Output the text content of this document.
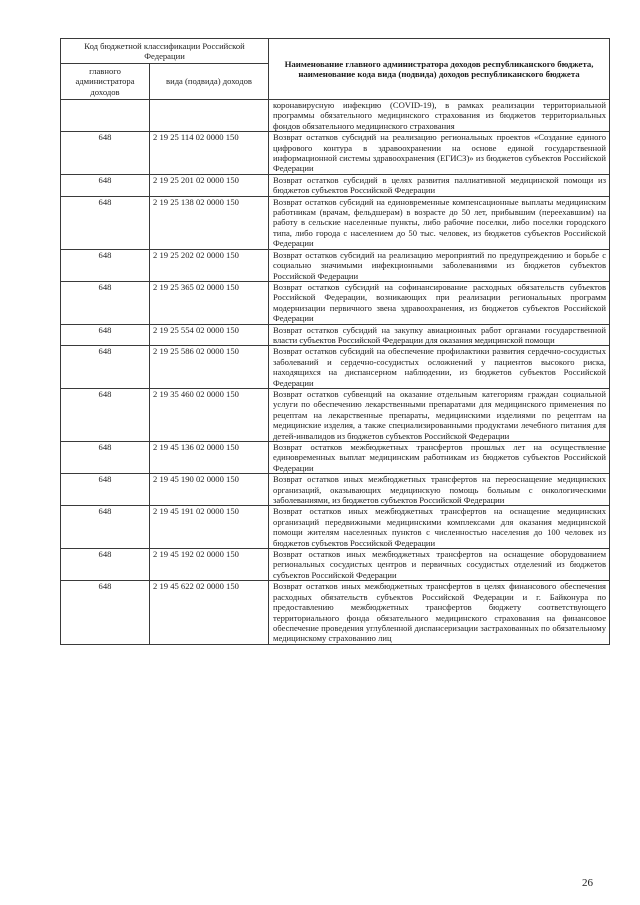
Код бюджетной классификации Российской Федерации		Наименование главного администратора доходов республиканского бюджета, наименование кода вида (подвида) доходов республиканского бюджета
главного администратора доходов	вида (подвида) доходов	
		коронавирусную инфекцию (COVID-19), в рамках реализации территориальной программы обязательного медицинского страхования из бюджетов территориальных фондов обязательного медицинского страхования
648	2 19 25 114 02 0000 150	Возврат остатков субсидий на реализацию региональных проектов «Создание единого цифрового контура в здравоохранении на основе единой государственной информационной системы здравоохранения (ЕГИСЗ)» из бюджетов субъектов Российской Федерации
648	2 19 25 201 02 0000 150	Возврат остатков субсидий в целях развития паллиативной медицинской помощи из бюджетов субъектов Российской Федерации
648	2 19 25 138 02 0000 150	Возврат остатков субсидий на единовременные компенсационные выплаты медицинским работникам (врачам, фельдшерам) в возрасте до 50 лет, прибывшим (переехавшим) на работу в сельские населенные пункты, либо рабочие поселки, либо поселки городского типа, либо города с населением до 50 тыс. человек, из бюджетов субъектов Российской Федерации
648	2 19 25 202 02 0000 150	Возврат остатков субсидий на реализацию мероприятий по предупреждению и борьбе с социально значимыми инфекционными заболеваниями из бюджетов субъектов Российской Федерации
648	2 19 25 365 02 0000 150	Возврат остатков субсидий на софинансирование расходных обязательств субъектов Российской Федерации, возникающих при реализации региональных программ модернизации первичного звена здравоохранения, из бюджетов субъектов Российской Федерации
648	2 19 25 554 02 0000 150	Возврат остатков субсидий на закупку авиационных работ органами государственной власти субъектов Российской Федерации для оказания медицинской помощи
648	2 19 25 586 02 0000 150	Возврат остатков субсидий на обеспечение профилактики развития сердечно-сосудистых заболеваний и сердечно-сосудистых осложнений у пациентов высокого риска, находящихся на диспансерном наблюдении, из бюджетов субъектов Российской Федерации
648	2 19 35 460 02 0000 150	Возврат остатков субвенций на оказание отдельным категориям граждан социальной услуги по обеспечению лекарственными препаратами для медицинского применения по рецептам на лекарственные препараты, медицинскими изделиями по рецептам на медицинские изделия, а также специализированными продуктами лечебного питания для детей-инвалидов из бюджетов субъектов Российской Федерации
648	2 19 45 136 02 0000 150	Возврат остатков межбюджетных трансфертов прошлых лет на осуществление единовременных выплат медицинским работникам из бюджетов субъектов Российской Федерации
648	2 19 45 190 02 0000 150	Возврат остатков иных межбюджетных трансфертов на переоснащение медицинских организаций, оказывающих медицинскую помощь больным с онкологическими заболеваниями, из бюджетов субъектов Российской Федерации
648	2 19 45 191 02 0000 150	Возврат остатков иных межбюджетных трансфертов на оснащение медицинских организаций передвижными медицинскими комплексами для оказания медицинской помощи жителям населенных пунктов с численностью населения до 100 человек из бюджетов субъектов Российской Федерации
648	2 19 45 192 02 0000 150	Возврат остатков иных межбюджетных трансфертов на оснащение оборудованием региональных сосудистых центров и первичных сосудистых отделений из бюджетов субъектов Российской Федерации
648	2 19 45 622 02 0000 150	Возврат остатков иных межбюджетных трансфертов в целях финансового обеспечения расходных обязательств субъектов Российской Федерации и г. Байконура по предоставлению межбюджетных трансфертов бюджету соответствующего территориального фонда обязательного медицинского страхования на финансовое обеспечение проведения углубленной диспансеризации застрахованных по обязательному медицинскому страхованию лиц
26
